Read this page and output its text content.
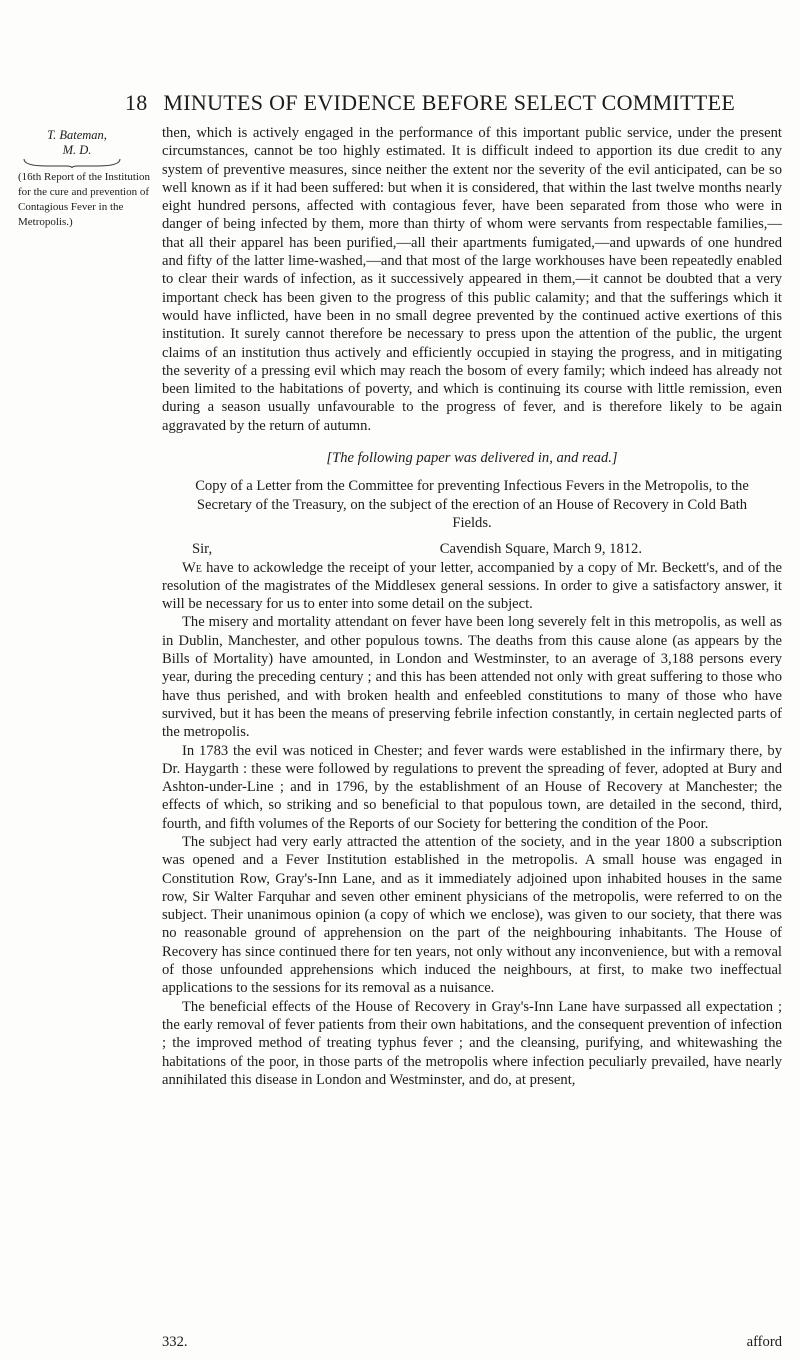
18 MINUTES OF EVIDENCE BEFORE SELECT COMMITTEE
T. Bateman,
M. D.
(16th Report of the Institution for the cure and prevention of Contagious Fever in the Metropolis.)

then, which is actively engaged in the performance of this important public service, under the present circumstances, cannot be too highly estimated. It is difficult indeed to apportion its due credit to any system of preventive measures, since neither the extent nor the severity of the evil anticipated, can be so well known as if it had been suffered: but when it is considered, that within the last twelve months nearly eight hundred persons, affected with contagious fever, have been separated from those who were in danger of being infected by them, more than thirty of whom were servants from respectable families,—that all their apparel has been purified,—all their apartments fumigated,—and upwards of one hundred and fifty of the latter lime-washed,—and that most of the large workhouses have been repeatedly enabled to clear their wards of infection, as it successively appeared in them,—it cannot be doubted that a very important check has been given to the progress of this public calamity; and that the sufferings which it would have inflicted, have been in no small degree prevented by the continued active exertions of this institution. It surely cannot therefore be necessary to press upon the attention of the public, the urgent claims of an institution thus actively and efficiently occupied in staying the progress, and in mitigating the severity of a pressing evil which may reach the bosom of every family; which indeed has already not been limited to the habitations of poverty, and which is continuing its course with little remission, even during a season usually unfavourable to the progress of fever, and is therefore likely to be again aggravated by the return of autumn.

[The following paper was delivered in, and read.]

Copy of a Letter from the Committee for preventing Infectious Fevers in the Metropolis, to the Secretary of the Treasury, on the subject of the erection of an House of Recovery in Cold Bath Fields.

Sir,	Cavendish Square, March 9, 1812.

We have to ackowledge the receipt of your letter, accompanied by a copy of Mr. Beckett's, and of the resolution of the magistrates of the Middlesex general sessions. In order to give a satisfactory answer, it will be necessary for us to enter into some detail on the subject.

The misery and mortality attendant on fever have been long severely felt in this metropolis, as well as in Dublin, Manchester, and other populous towns. The deaths from this cause alone (as appears by the Bills of Mortality) have amounted, in London and Westminster, to an average of 3,188 persons every year, during the preceding century ; and this has been attended not only with great suffering to those who have thus perished, and with broken health and enfeebled constitutions to many of those who have survived, but it has been the means of preserving febrile infection constantly, in certain neglected parts of the metropolis.

In 1783 the evil was noticed in Chester; and fever wards were established in the infirmary there, by Dr. Haygarth : these were followed by regulations to prevent the spreading of fever, adopted at Bury and Ashton-under-Line ; and in 1796, by the establishment of an House of Recovery at Manchester; the effects of which, so striking and so beneficial to that populous town, are detailed in the second, third, fourth, and fifth volumes of the Reports of our Society for bettering the condition of the Poor.

The subject had very early attracted the attention of the society, and in the year 1800 a subscription was opened and a Fever Institution established in the metropolis. A small house was engaged in Constitution Row, Gray's-Inn Lane, and as it immediately adjoined upon inhabited houses in the same row, Sir Walter Farquhar and seven other eminent physicians of the metropolis, were referred to on the subject. Their unanimous opinion (a copy of which we enclose), was given to our society, that there was no reasonable ground of apprehension on the part of the neighbouring inhabitants. The House of Recovery has since continued there for ten years, not only without any inconvenience, but with a removal of those unfounded apprehensions which induced the neighbours, at first, to make two ineffectual applications to the sessions for its removal as a nuisance.

The beneficial effects of the House of Recovery in Gray's-Inn Lane have surpassed all expectation ; the early removal of fever patients from their own habitations, and the consequent prevention of infection ; the improved method of treating typhus fever ; and the cleansing, purifying, and whitewashing the habitations of the poor, in those parts of the metropolis where infection peculiarly prevailed, have nearly annihilated this disease in London and Westminster, and do, at present,

332.	afford
